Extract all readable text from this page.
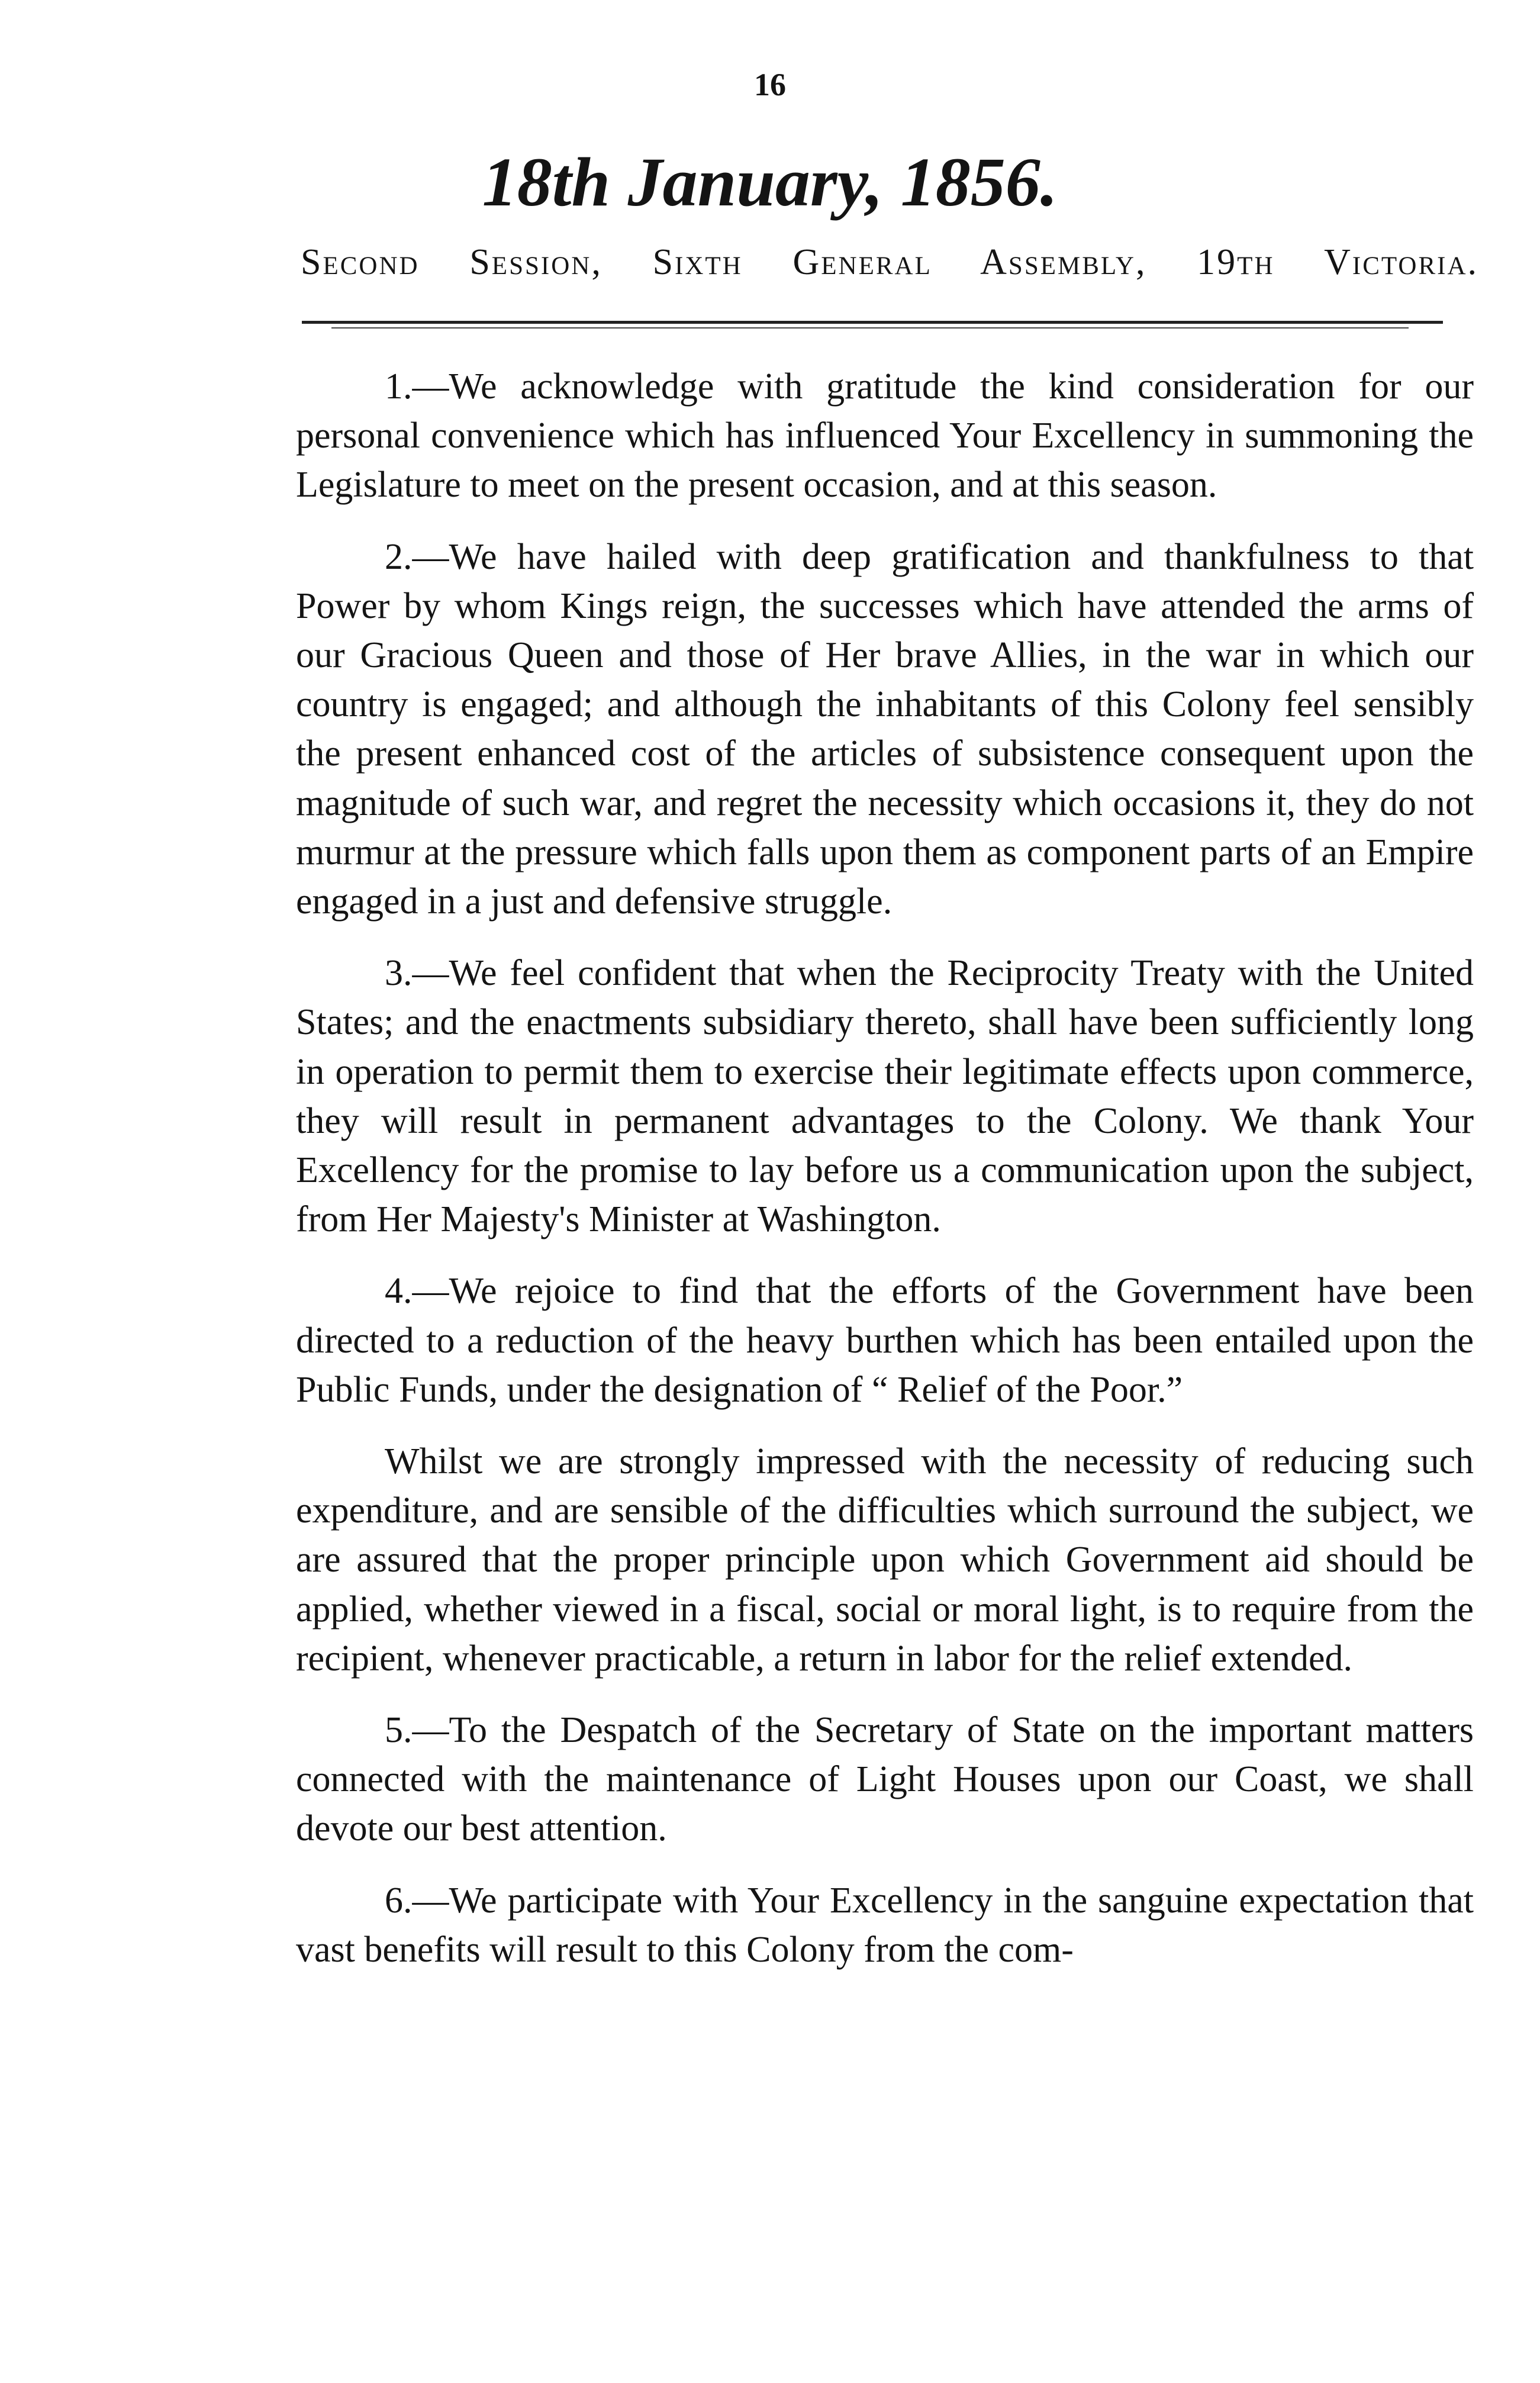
16
18th January, 1856.
Second Session, Sixth General Assembly, 19th Victoria.

1.—We acknowledge with gratitude the kind consideration for our personal convenience which has influenced Your Excellency in summoning the Legislature to meet on the present occasion, and at this season.

2.—We have hailed with deep gratification and thankfulness to that Power by whom Kings reign, the successes which have attended the arms of our Gracious Queen and those of Her brave Allies, in the war in which our country is engaged; and although the inhabitants of this Colony feel sensibly the present enhanced cost of the articles of subsistence consequent upon the magnitude of such war, and regret the necessity which occasions it, they do not murmur at the pressure which falls upon them as component parts of an Empire engaged in a just and defensive struggle.

3.—We feel confident that when the Reciprocity Treaty with the United States; and the enactments subsidiary thereto, shall have been sufficiently long in operation to permit them to exercise their legitimate effects upon commerce, they will result in permanent advantages to the Colony. We thank Your Excellency for the promise to lay before us a communication upon the subject, from Her Majesty's Minister at Washington.

4.—We rejoice to find that the efforts of the Government have been directed to a reduction of the heavy burthen which has been entailed upon the Public Funds, under the designation of “ Relief of the Poor.”

Whilst we are strongly impressed with the necessity of reducing such expenditure, and are sensible of the difficulties which surround the subject, we are assured that the proper principle upon which Government aid should be applied, whether viewed in a fiscal, social or moral light, is to require from the recipient, whenever practicable, a return in labor for the relief extended.

5.—To the Despatch of the Secretary of State on the important matters connected with the maintenance of Light Houses upon our Coast, we shall devote our best attention.

6.—We participate with Your Excellency in the sanguine expectation that vast benefits will result to this Colony from the com-
